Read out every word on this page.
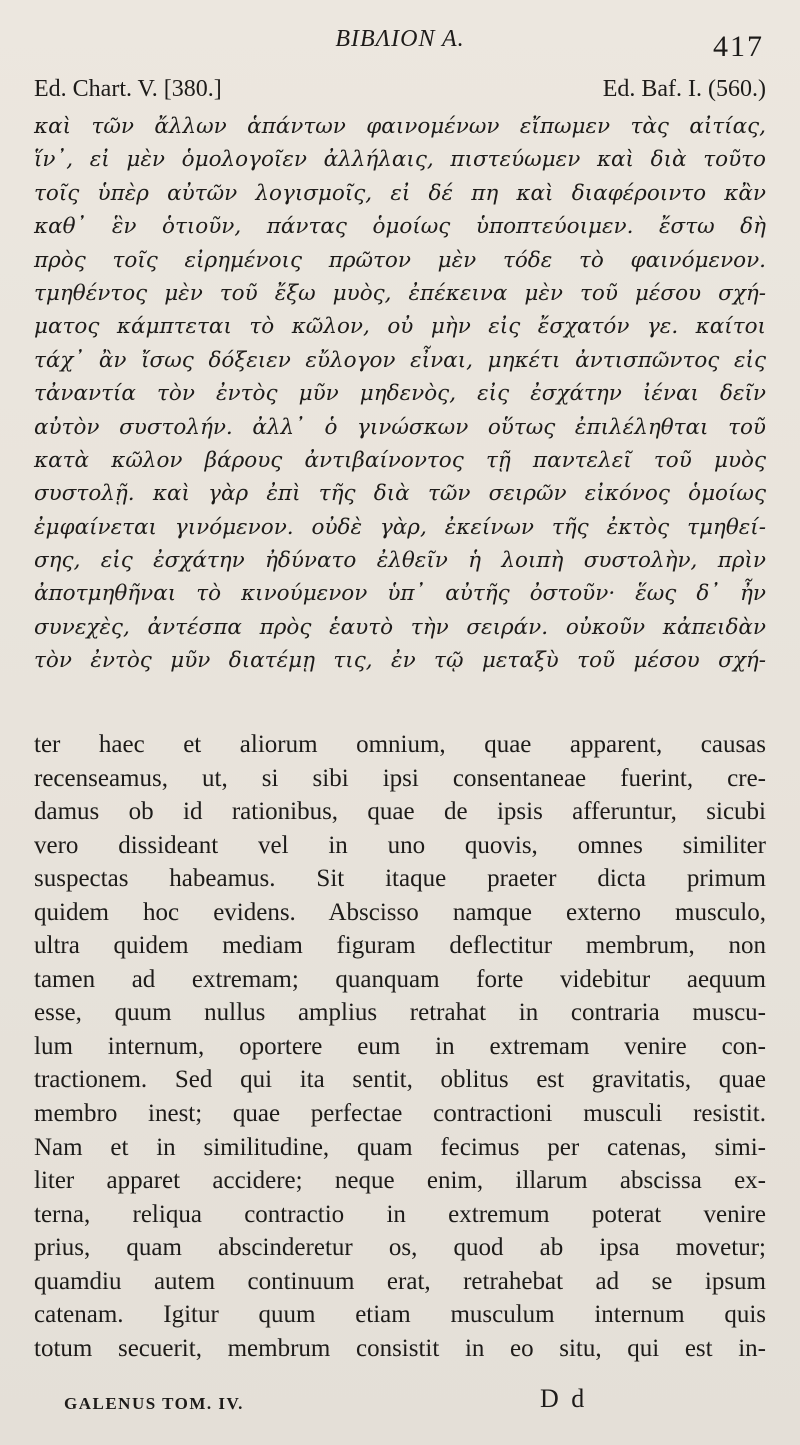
BIBΛΙΟΝ Α.	417
Ed. Chart. V. [380.]	Ed. Baf. I. (560.)
καὶ τῶν ἄλλων ἁπάντων φαινομένων εἴπωμεν τὰς αἰτίας,
ἵν᾽, εἰ μὲν ὁμολογοῖεν ἀλλήλαις, πιστεύωμεν καὶ διὰ τοῦτο
τοῖς ὑπὲρ αὐτῶν λογισμοῖς, εἰ δέ πη καὶ διαφέροιντο κἂν
καθ᾽ ἓν ὁτιοῦν, πάντας ὁμοίως ὑποπτεύοιμεν. ἔστω δὴ
πρὸς τοῖς εἰρημένοις πρῶτον μὲν τόδε τὸ φαινόμενον.
τμηθέντος μὲν τοῦ ἔξω μυὸς, ἐπέκεινα μὲν τοῦ μέσου σχή-
ματος κάμπτεται τὸ κῶλον, οὐ μὴν εἰς ἔσχατόν γε. καίτοι
τάχ᾽ ἂν ἴσως δόξειεν εὔλογον εἶναι, μηκέτι ἀντισπῶντος εἰς
τἀναντία τὸν ἐντὸς μῦν μηδενὸς, εἰς ἐσχάτην ἰέναι δεῖν
αὐτὸν συστολήν. ἀλλ᾽ ὁ γινώσκων οὕτως ἐπιλέληθται τοῦ
κατὰ κῶλον βάρους ἀντιβαίνοντος τῇ παντελεῖ τοῦ μυὸς
συστολῇ. καὶ γὰρ ἐπὶ τῆς διὰ τῶν σειρῶν εἰκόνος ὁμοίως
ἐμφαίνεται γινόμενον. οὐδὲ γὰρ, ἐκείνων τῆς ἐκτὸς τμηθεί-
σης, εἰς ἐσχάτην ἠδύνατο ἐλθεῖν ἡ λοιπὴ συστολὴν, πρὶν
ἀποτμηθῆναι τὸ κινούμενον ὑπ᾽ αὐτῆς ὀστοῦν· ἕως δ᾽ ἦν
συνεχὲς, ἀντέσπα πρὸς ἑαυτὸ τὴν σειράν. οὐκοῦν κἀπειδὰν
τὸν ἐντὸς μῦν διατέμῃ τις, ἐν τῷ μεταξὺ τοῦ μέσου σχή-
ter haec et aliorum omnium, quae apparent, causas
recenseamus, ut, si sibi ipsi consentaneae fuerint, cre-
damus ob id rationibus, quae de ipsis afferuntur, sicubi
vero dissideant vel in uno quovis, omnes similiter
suspectas habeamus. Sit itaque praeter dicta primum
quidem hoc evidens. Abscisso namque externo musculo,
ultra quidem mediam figuram deflectitur membrum, non
tamen ad extremam; quanquam forte videbitur aequum
esse, quum nullus amplius retrahat in contraria muscu-
lum internum, oportere eum in extremam venire con-
tractionem. Sed qui ita sentit, oblitus est gravitatis, quae
membro inest; quae perfectae contractioni musculi resistit.
Nam et in similitudine, quam fecimus per catenas, simi-
liter apparet accidere; neque enim, illarum abscissa ex-
terna, reliqua contractio in extremum poterat venire
prius, quam abscinderetur os, quod ab ipsa movetur;
quamdiu autem continuum erat, retrahebat ad se ipsum
catenam. Igitur quum etiam musculum internum quis
totum secuerit, membrum consistit in eo situ, qui est in-
GALENUS TOM. IV.	D d
